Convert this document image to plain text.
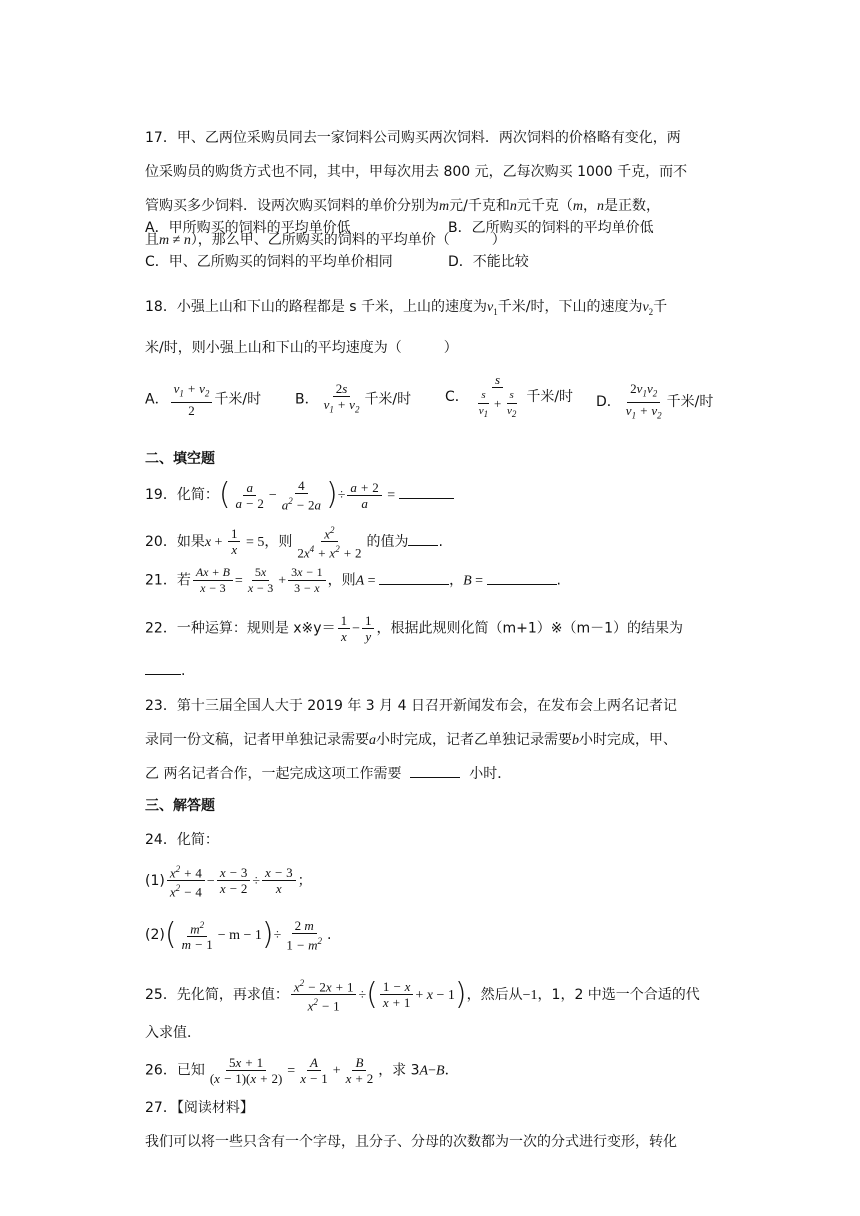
17．甲、乙两位采购员同去一家饲料公司购买两次饲料．两次饲料的价格略有变化，两
位采购员的购货方式也不同，其中，甲每次用去 800 元，乙每次购买 1000 千克，而不
管购买多少饲料．设两次购买饲料的单价分别为m元/千克和n元千克（m，n是正数，
且m ≠ n），那么甲、乙所购买的饲料的平均单价（　　　）
A．甲所购买的饲料的平均单价低	B．乙所购买的饲料的平均单价低
C．甲、乙所购买的饲料的平均单价相同	D．不能比较
18．小强上山和下山的路程都是 s 千米，上山的速度为$v_1$千米/时，下山的速度为$v_2$千
米/时，则小强上山和下山的平均速度为（　　　）
A． $\frac{v_1 + v_2}{2}$ 千米/时 B． $\frac{2s}{v_1 + v_2}$ 千米/时 C． $\frac{s}{\frac{s}{v_1} + \frac{s}{v_2}}$ 千米/时 D． $\frac{2v_1v_2}{v_1 + v_2}$ 千米/时
二、填空题
19．化简：( $\frac{a}{a - 2} - \frac{4}{a^2 - 2a}$ )÷ $\frac{a + 2}{a}$ =
20．如果$x + \frac{1}{x} = 5$，则 $\frac{x^2}{2x^4 + x^2 + 2}$ 的值为 .
21．若 $\frac{Ax + B}{x - 3} = \frac{5x}{x - 3} + \frac{3x - 1}{3 - x}$ ，则A =	，B =	.
22．一种运算：规则是 x※y＝ $\frac{1}{x} - \frac{1}{y}$ ，根据此规则化简（m+1）※（m－1）的结果为
.
23．第十三届全国人大于 2019 年 3 月 4 日召开新闻发布会，在发布会上两名记者记
录同一份文稿，记者甲单独记录需要a小时完成，记者乙单独记录需要b小时完成，甲、
乙 两名记者合作，一起完成这项工作需要	小时．
三、解答题
24．化简：
$(1) \frac{x^2 + 4}{x^2 - 4} - \frac{x - 3}{x - 2} \div \frac{x - 3}{x}$ ；
$(2)( \frac{m^2}{m - 1} - m - 1)\div \frac{2 m}{1 - m^2}$ .
25．先化简，再求值： $\frac{x^2 - 2x + 1}{x^2 - 1}$ ÷( $\frac{1 - x}{x + 1} + x - 1$)，然后从−1，1，2 中选一个合适的代
入求值．
26．已知 $\frac{5x + 1}{(x - 1)(x + 2)} = \frac{A}{x - 1} + \frac{B}{x + 2}$ ，求 3A−B．
27．【阅读材料】
我们可以将一些只含有一个字母，且分子、分母的次数都为一次的分式进行变形，转化
